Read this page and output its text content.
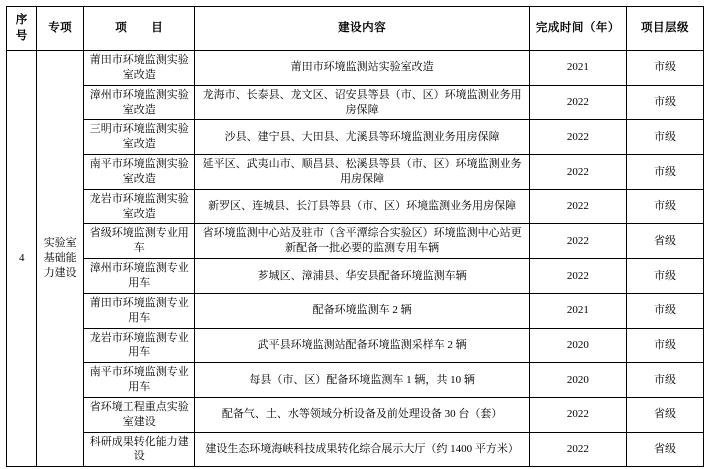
序号	专项	项　　目	建设内容	完成时间（年）	项目层级
4	实验室基础能力建设	莆田市环境监测实验室改造	莆田市环境监测站实验室改造	2021	市级
		漳州市环境监测实验室改造	龙海市、长泰县、龙文区、诏安县等县（市、区）环境监测业务用房保障	2022	市级
		三明市环境监测实验室改造	沙县、建宁县、大田县、尤溪县等环境监测业务用房保障	2022	市级
		南平市环境监测实验室改造	延平区、武夷山市、顺昌县、松溪县等县（市、区）环境监测业务用房保障	2022	市级
		龙岩市环境监测实验室改造	新罗区、连城县、长汀县等县（市、区）环境监测业务用房保障	2022	市级
		省级环境监测专业用车	省环境监测中心站及驻市（含平潭综合实验区）环境监测中心站更新配备一批必要的监测专用车辆	2022	省级
		漳州市环境监测专业用车	芗城区、漳浦县、华安县配备环境监测车辆	2022	市级
		莆田市环境监测专业用车	配备环境监测车 2 辆	2021	市级
		龙岩市环境监测专业用车	武平县环境监测站配备环境监测采样车 2 辆	2020	市级
		南平市环境监测专业用车	每县（市、区）配备环境监测车 1 辆，共 10 辆	2020	市级
		省环境工程重点实验室建设	配备气、土、水等领域分析设备及前处理设备 30 台（套）	2022	省级
		科研成果转化能力建设	建设生态环境海峡科技成果转化综合展示大厅（约 1400 平方米）	2022	省级
